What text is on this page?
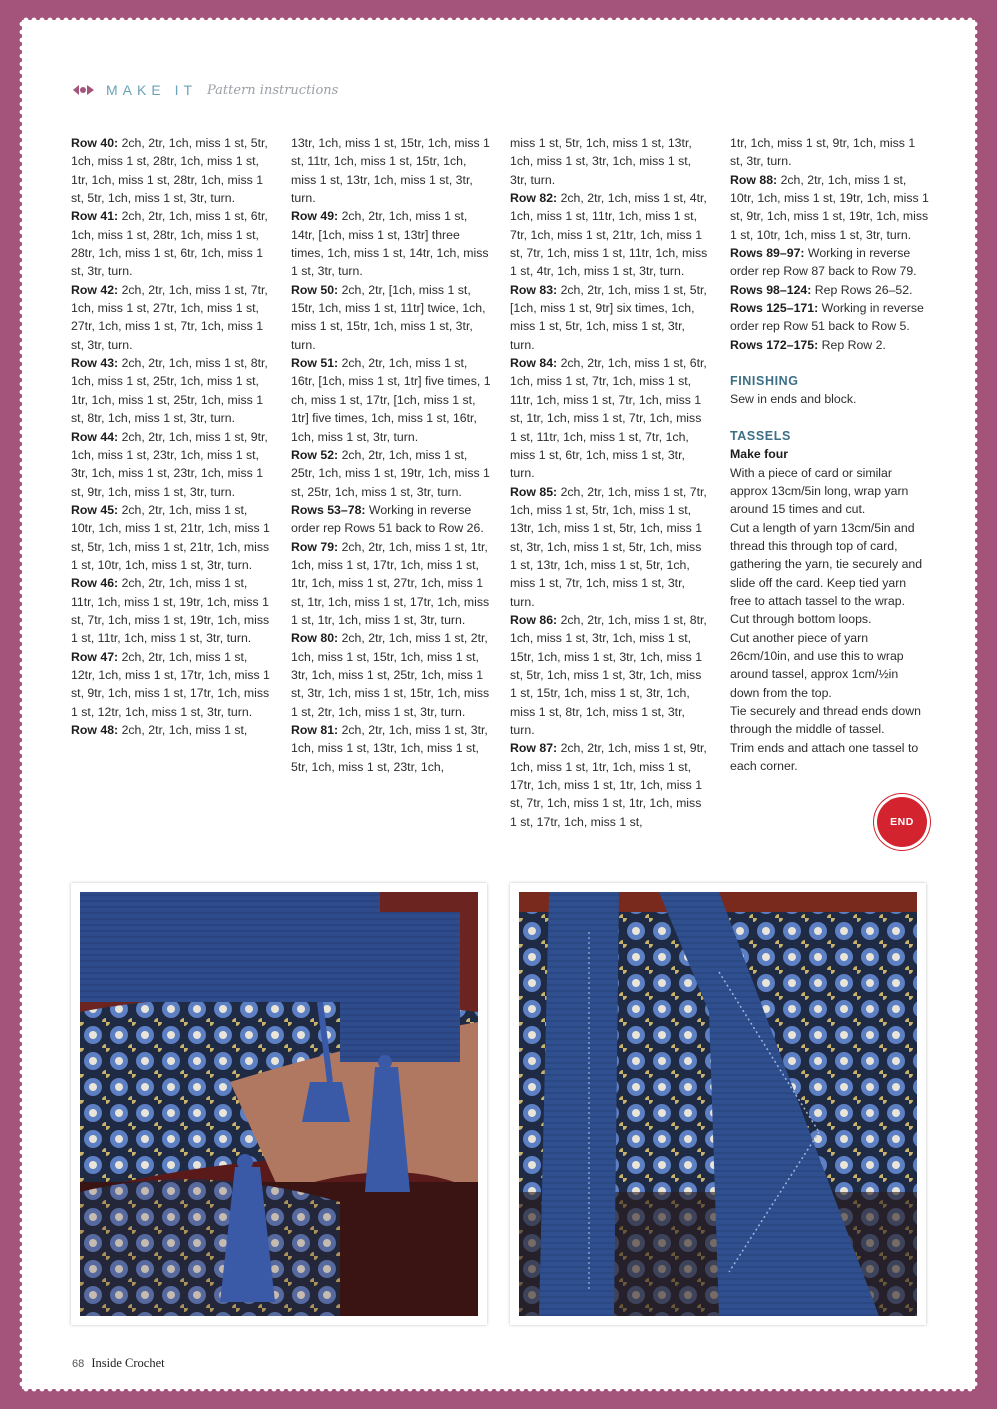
MAKE IT Pattern instructions

Row 40: 2ch, 2tr, 1ch, miss 1 st, 5tr, 1ch, miss 1 st, 28tr, 1ch, miss 1 st, 1tr, 1ch, miss 1 st, 28tr, 1ch, miss 1 st, 5tr, 1ch, miss 1 st, 3tr, turn.

Row 41: 2ch, 2tr, 1ch, miss 1 st, 6tr, 1ch, miss 1 st, 28tr, 1ch, miss 1 st, 28tr, 1ch, miss 1 st, 6tr, 1ch, miss 1 st, 3tr, turn.

Row 42: 2ch, 2tr, 1ch, miss 1 st, 7tr, 1ch, miss 1 st, 27tr, 1ch, miss 1 st, 27tr, 1ch, miss 1 st, 7tr, 1ch, miss 1 st, 3tr, turn.

Row 43: 2ch, 2tr, 1ch, miss 1 st, 8tr, 1ch, miss 1 st, 25tr, 1ch, miss 1 st, 1tr, 1ch, miss 1 st, 25tr, 1ch, miss 1 st, 8tr, 1ch, miss 1 st, 3tr, turn.

Row 44: 2ch, 2tr, 1ch, miss 1 st, 9tr, 1ch, miss 1 st, 23tr, 1ch, miss 1 st, 3tr, 1ch, miss 1 st, 23tr, 1ch, miss 1 st, 9tr, 1ch, miss 1 st, 3tr, turn.

Row 45: 2ch, 2tr, 1ch, miss 1 st, 10tr, 1ch, miss 1 st, 21tr, 1ch, miss 1 st, 5tr, 1ch, miss 1 st, 21tr, 1ch, miss 1 st, 10tr, 1ch, miss 1 st, 3tr, turn.

Row 46: 2ch, 2tr, 1ch, miss 1 st, 11tr, 1ch, miss 1 st, 19tr, 1ch, miss 1 st, 7tr, 1ch, miss 1 st, 19tr, 1ch, miss 1 st, 11tr, 1ch, miss 1 st, 3tr, turn.

Row 47: 2ch, 2tr, 1ch, miss 1 st, 12tr, 1ch, miss 1 st, 17tr, 1ch, miss 1 st, 9tr, 1ch, miss 1 st, 17tr, 1ch, miss 1 st, 12tr, 1ch, miss 1 st, 3tr, turn.

Row 48: 2ch, 2tr, 1ch, miss 1 st,

13tr, 1ch, miss 1 st, 15tr, 1ch, miss 1 st, 11tr, 1ch, miss 1 st, 15tr, 1ch, miss 1 st, 13tr, 1ch, miss 1 st, 3tr, turn.

Row 49: 2ch, 2tr, 1ch, miss 1 st, 14tr, [1ch, miss 1 st, 13tr] three times, 1ch, miss 1 st, 14tr, 1ch, miss 1 st, 3tr, turn.

Row 50: 2ch, 2tr, [1ch, miss 1 st, 15tr, 1ch, miss 1 st, 11tr] twice, 1ch, miss 1 st, 15tr, 1ch, miss 1 st, 3tr, turn.

Row 51: 2ch, 2tr, 1ch, miss 1 st, 16tr, [1ch, miss 1 st, 1tr] five times, 1 ch, miss 1 st, 17tr, [1ch, miss 1 st, 1tr] five times, 1ch, miss 1 st, 16tr, 1ch, miss 1 st, 3tr, turn.

Row 52: 2ch, 2tr, 1ch, miss 1 st, 25tr, 1ch, miss 1 st, 19tr, 1ch, miss 1 st, 25tr, 1ch, miss 1 st, 3tr, turn.

Rows 53–78: Working in reverse order rep Rows 51 back to Row 26.

Row 79: 2ch, 2tr, 1ch, miss 1 st, 1tr, 1ch, miss 1 st, 17tr, 1ch, miss 1 st, 1tr, 1ch, miss 1 st, 27tr, 1ch, miss 1 st, 1tr, 1ch, miss 1 st, 17tr, 1ch, miss 1 st, 1tr, 1ch, miss 1 st, 3tr, turn.

Row 80: 2ch, 2tr, 1ch, miss 1 st, 2tr, 1ch, miss 1 st, 15tr, 1ch, miss 1 st, 3tr, 1ch, miss 1 st, 25tr, 1ch, miss 1 st, 3tr, 1ch, miss 1 st, 15tr, 1ch, miss 1 st, 2tr, 1ch, miss 1 st, 3tr, turn.

Row 81: 2ch, 2tr, 1ch, miss 1 st, 3tr, 1ch, miss 1 st, 13tr, 1ch, miss 1 st, 5tr, 1ch, miss 1 st, 23tr, 1ch,

miss 1 st, 5tr, 1ch, miss 1 st, 13tr, 1ch, miss 1 st, 3tr, 1ch, miss 1 st, 3tr, turn.

Row 82: 2ch, 2tr, 1ch, miss 1 st, 4tr, 1ch, miss 1 st, 11tr, 1ch, miss 1 st, 7tr, 1ch, miss 1 st, 21tr, 1ch, miss 1 st, 7tr, 1ch, miss 1 st, 11tr, 1ch, miss 1 st, 4tr, 1ch, miss 1 st, 3tr, turn.

Row 83: 2ch, 2tr, 1ch, miss 1 st, 5tr, [1ch, miss 1 st, 9tr] six times, 1ch, miss 1 st, 5tr, 1ch, miss 1 st, 3tr, turn.

Row 84: 2ch, 2tr, 1ch, miss 1 st, 6tr, 1ch, miss 1 st, 7tr, 1ch, miss 1 st, 11tr, 1ch, miss 1 st, 7tr, 1ch, miss 1 st, 1tr, 1ch, miss 1 st, 7tr, 1ch, miss 1 st, 11tr, 1ch, miss 1 st, 7tr, 1ch, miss 1 st, 6tr, 1ch, miss 1 st, 3tr, turn.

Row 85: 2ch, 2tr, 1ch, miss 1 st, 7tr, 1ch, miss 1 st, 5tr, 1ch, miss 1 st, 13tr, 1ch, miss 1 st, 5tr, 1ch, miss 1 st, 3tr, 1ch, miss 1 st, 5tr, 1ch, miss 1 st, 13tr, 1ch, miss 1 st, 5tr, 1ch, miss 1 st, 7tr, 1ch, miss 1 st, 3tr, turn.

Row 86: 2ch, 2tr, 1ch, miss 1 st, 8tr, 1ch, miss 1 st, 3tr, 1ch, miss 1 st, 15tr, 1ch, miss 1 st, 3tr, 1ch, miss 1 st, 5tr, 1ch, miss 1 st, 3tr, 1ch, miss 1 st, 15tr, 1ch, miss 1 st, 3tr, 1ch, miss 1 st, 8tr, 1ch, miss 1 st, 3tr, turn.

Row 87: 2ch, 2tr, 1ch, miss 1 st, 9tr, 1ch, miss 1 st, 1tr, 1ch, miss 1 st, 17tr, 1ch, miss 1 st, 1tr, 1ch, miss 1 st, 7tr, 1ch, miss 1 st, 1tr, 1ch, miss 1 st, 17tr, 1ch, miss 1 st,

1tr, 1ch, miss 1 st, 9tr, 1ch, miss 1 st, 3tr, turn.

Row 88: 2ch, 2tr, 1ch, miss 1 st, 10tr, 1ch, miss 1 st, 19tr, 1ch, miss 1 st, 9tr, 1ch, miss 1 st, 19tr, 1ch, miss 1 st, 10tr, 1ch, miss 1 st, 3tr, turn.

Rows 89–97: Working in reverse order rep Row 87 back to Row 79.

Rows 98–124: Rep Rows 26–52.

Rows 125–171: Working in reverse order rep Row 51 back to Row 5.

Rows 172–175: Rep Row 2.

FINISHING

Sew in ends and block.

TASSELS

Make four

With a piece of card or similar approx 13cm/5in long, wrap yarn around 15 times and cut.

Cut a length of yarn 13cm/5in and thread this through top of card, gathering the yarn, tie securely and slide off the card. Keep tied yarn free to attach tassel to the wrap.

Cut through bottom loops.

Cut another piece of yarn 26cm/10in, and use this to wrap around tassel, approx 1cm/½in down from the top.

Tie securely and thread ends down through the middle of tassel.

Trim ends and attach one tassel to each corner.

END
68 Inside Crochet
